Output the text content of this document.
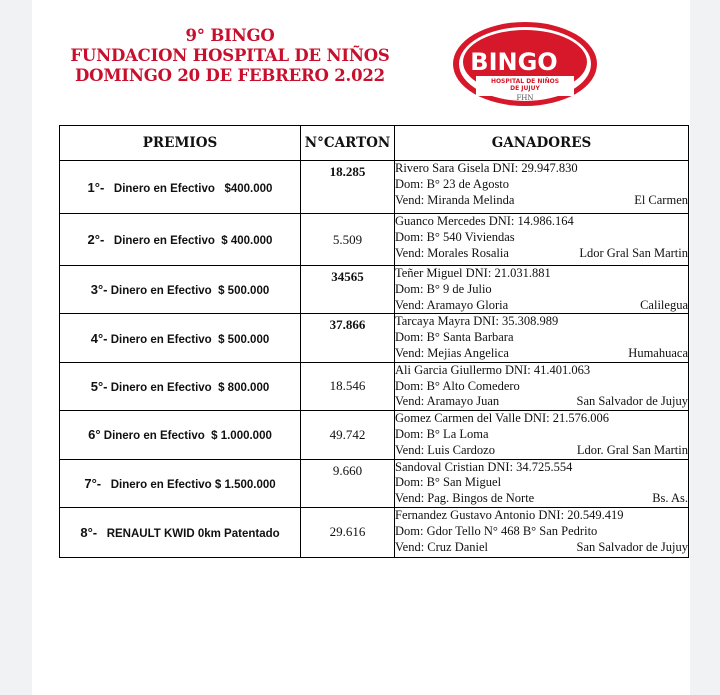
9° BINGO
FUNDACION HOSPITAL DE NIÑOS
DOMINGO 20 DE FEBRERO 2.022	BINGO
HOSPITAL DE NIÑOS
DE JUJUY
FHN
PREMIOS	N°CARTON	GANADORES
1°- Dinero en Efectivo   $400.000	18.285	Rivero Sara Gisela DNI: 29.947.830
Dom: B° 23 de Agosto
Vend: Miranda Melinda El Carmen

2°- Dinero en Efectivo  $ 400.000	5.509	Guanco Mercedes DNI: 14.986.164
Dom: B° 540 Viviendas
Vend: Morales Rosalia Ldor Gral San Martin

3°- Dinero en Efectivo  $ 500.000	34565	Teñer Miguel DNI: 21.031.881
Dom: B° 9 de Julio
Vend: Aramayo Gloria Calilegua

4°- Dinero en Efectivo  $ 500.000	37.866	Tarcaya Mayra DNI: 35.308.989
Dom: B° Santa Barbara
Vend: Mejias Angelica Humahuaca

5°- Dinero en Efectivo  $ 800.000	18.546	Ali Garcia Giullermo DNI: 41.401.063
Dom: B° Alto Comedero
Vend: Aramayo Juan San Salvador de Jujuy

6° Dinero en Efectivo  $ 1.000.000	49.742	Gomez Carmen del Valle DNI: 21.576.006
Dom: B° La Loma
Vend: Luis Cardozo Ldor. Gral San Martin

7°- Dinero en Efectivo $ 1.500.000	9.660	Sandoval Cristian DNI: 34.725.554
Dom: B° San Miguel
Vend: Pag. Bingos de Norte Bs. As.

8°- RENAULT KWID 0km Patentado	29.616	Fernandez Gustavo Antonio DNI: 20.549.419
Dom: Gdor Tello N° 468 B° San Pedrito
Vend: Cruz Daniel San Salvador de Jujuy
